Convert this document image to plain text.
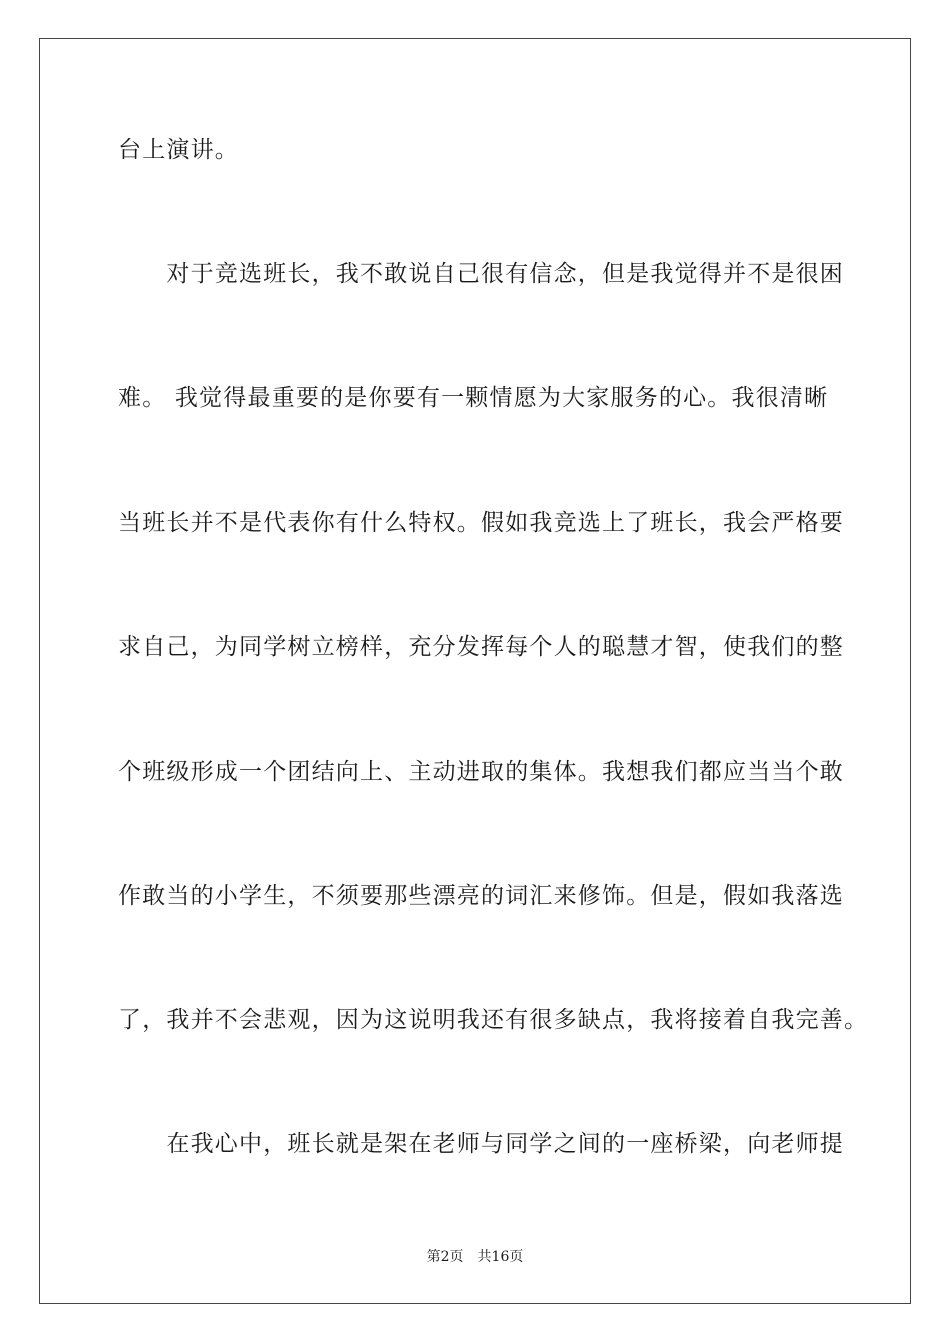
台上演讲。
　　对于竞选班长，我不敢说自己很有信念，但是我觉得并不是很困
难。 我觉得最重要的是你要有一颗情愿为大家服务的心。我很清晰
当班长并不是代表你有什么特权。假如我竞选上了班长，我会严格要
求自己，为同学树立榜样，充分发挥每个人的聪慧才智，使我们的整
个班级形成一个团结向上、主动进取的集体。我想我们都应当当个敢
作敢当的小学生，不须要那些漂亮的词汇来修饰。但是，假如我落选
了，我并不会悲观，因为这说明我还有很多缺点，我将接着自我完善。
　　在我心中，班长就是架在老师与同学之间的一座桥梁，向老师提
第2页　共16页
